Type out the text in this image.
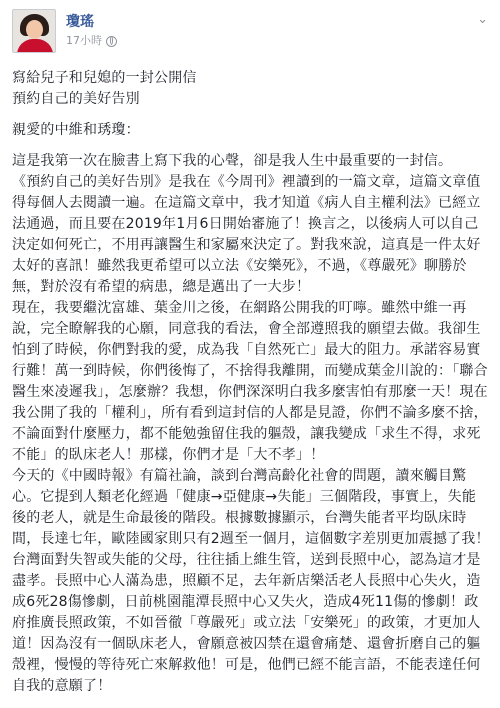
瓊瑤
17小時
⌄

寫給兒子和兒媳的一封公開信

預約自己的美好告別

親愛的中維和琇瓊：

這是我第一次在臉書上寫下我的心聲，卻是我人生中最重要的一封信。

《預約自己的美好告別》是我在《今周刊》裡讀到的一篇文章，這篇文章值得每個人去閱讀一遍。在這篇文章中，我才知道《病人自主權利法》已經立法通過，而且要在2019年1月6日開始審施了！換言之，以後病人可以自己決定如何死亡，不用再讓醫生和家屬來決定了。對我來說，這真是一件太好太好的喜訊！雖然我更希望可以立法《安樂死》，不過，《尊嚴死》聊勝於無，對於沒有希望的病患，總是邁出了一大步！

現在，我要繼沈富雄、葉金川之後，在網路公開我的叮嚀。雖然中維一再說，完全瞭解我的心願，同意我的看法，會全部遵照我的願望去做。我卻生怕到了時候，你們對我的愛，成為我「自然死亡」最大的阻力。承諾容易實行難！萬一到時候，你們後悔了，不捨得我離開，而變成葉金川說的：「聯合醫生來凌遲我」，怎麼辦？我想，你們深深明白我多麼害怕有那麼一天！現在我公開了我的「權利」，所有看到這封信的人都是見證，你們不論多麼不捨，不論面對什麼壓力，都不能勉強留住我的軀殼，讓我變成「求生不得，求死不能」的臥床老人！那樣，你們才是「大不孝」！

今天的《中國時報》有篇社論，談到台灣高齡化社會的問題，讀來觸目驚心。它提到人類老化經過「健康→亞健康→失能」三個階段，事實上，失能後的老人，就是生命最後的階段。根據數據顯示，台灣失能者平均臥床時間，長達七年，歐陸國家則只有2週至一個月，這個數字差別更加震撼了我！台灣面對失智或失能的父母，往往插上維生管，送到長照中心，認為這才是盡孝。長照中心人滿為患，照顧不足，去年新店樂活老人長照中心失火，造成6死28傷慘劇，日前桃園龍潭長照中心又失火，造成4死11傷的慘劇！政府推廣長照政策，不如晉徹「尊嚴死」或立法「安樂死」的政策，才更加人道！因為沒有一個臥床老人，會願意被囚禁在還會痛楚、還會折磨自己的軀殼裡，慢慢的等待死亡來解救他！可是，他們已經不能言語，不能表達任何自我的意願了！
